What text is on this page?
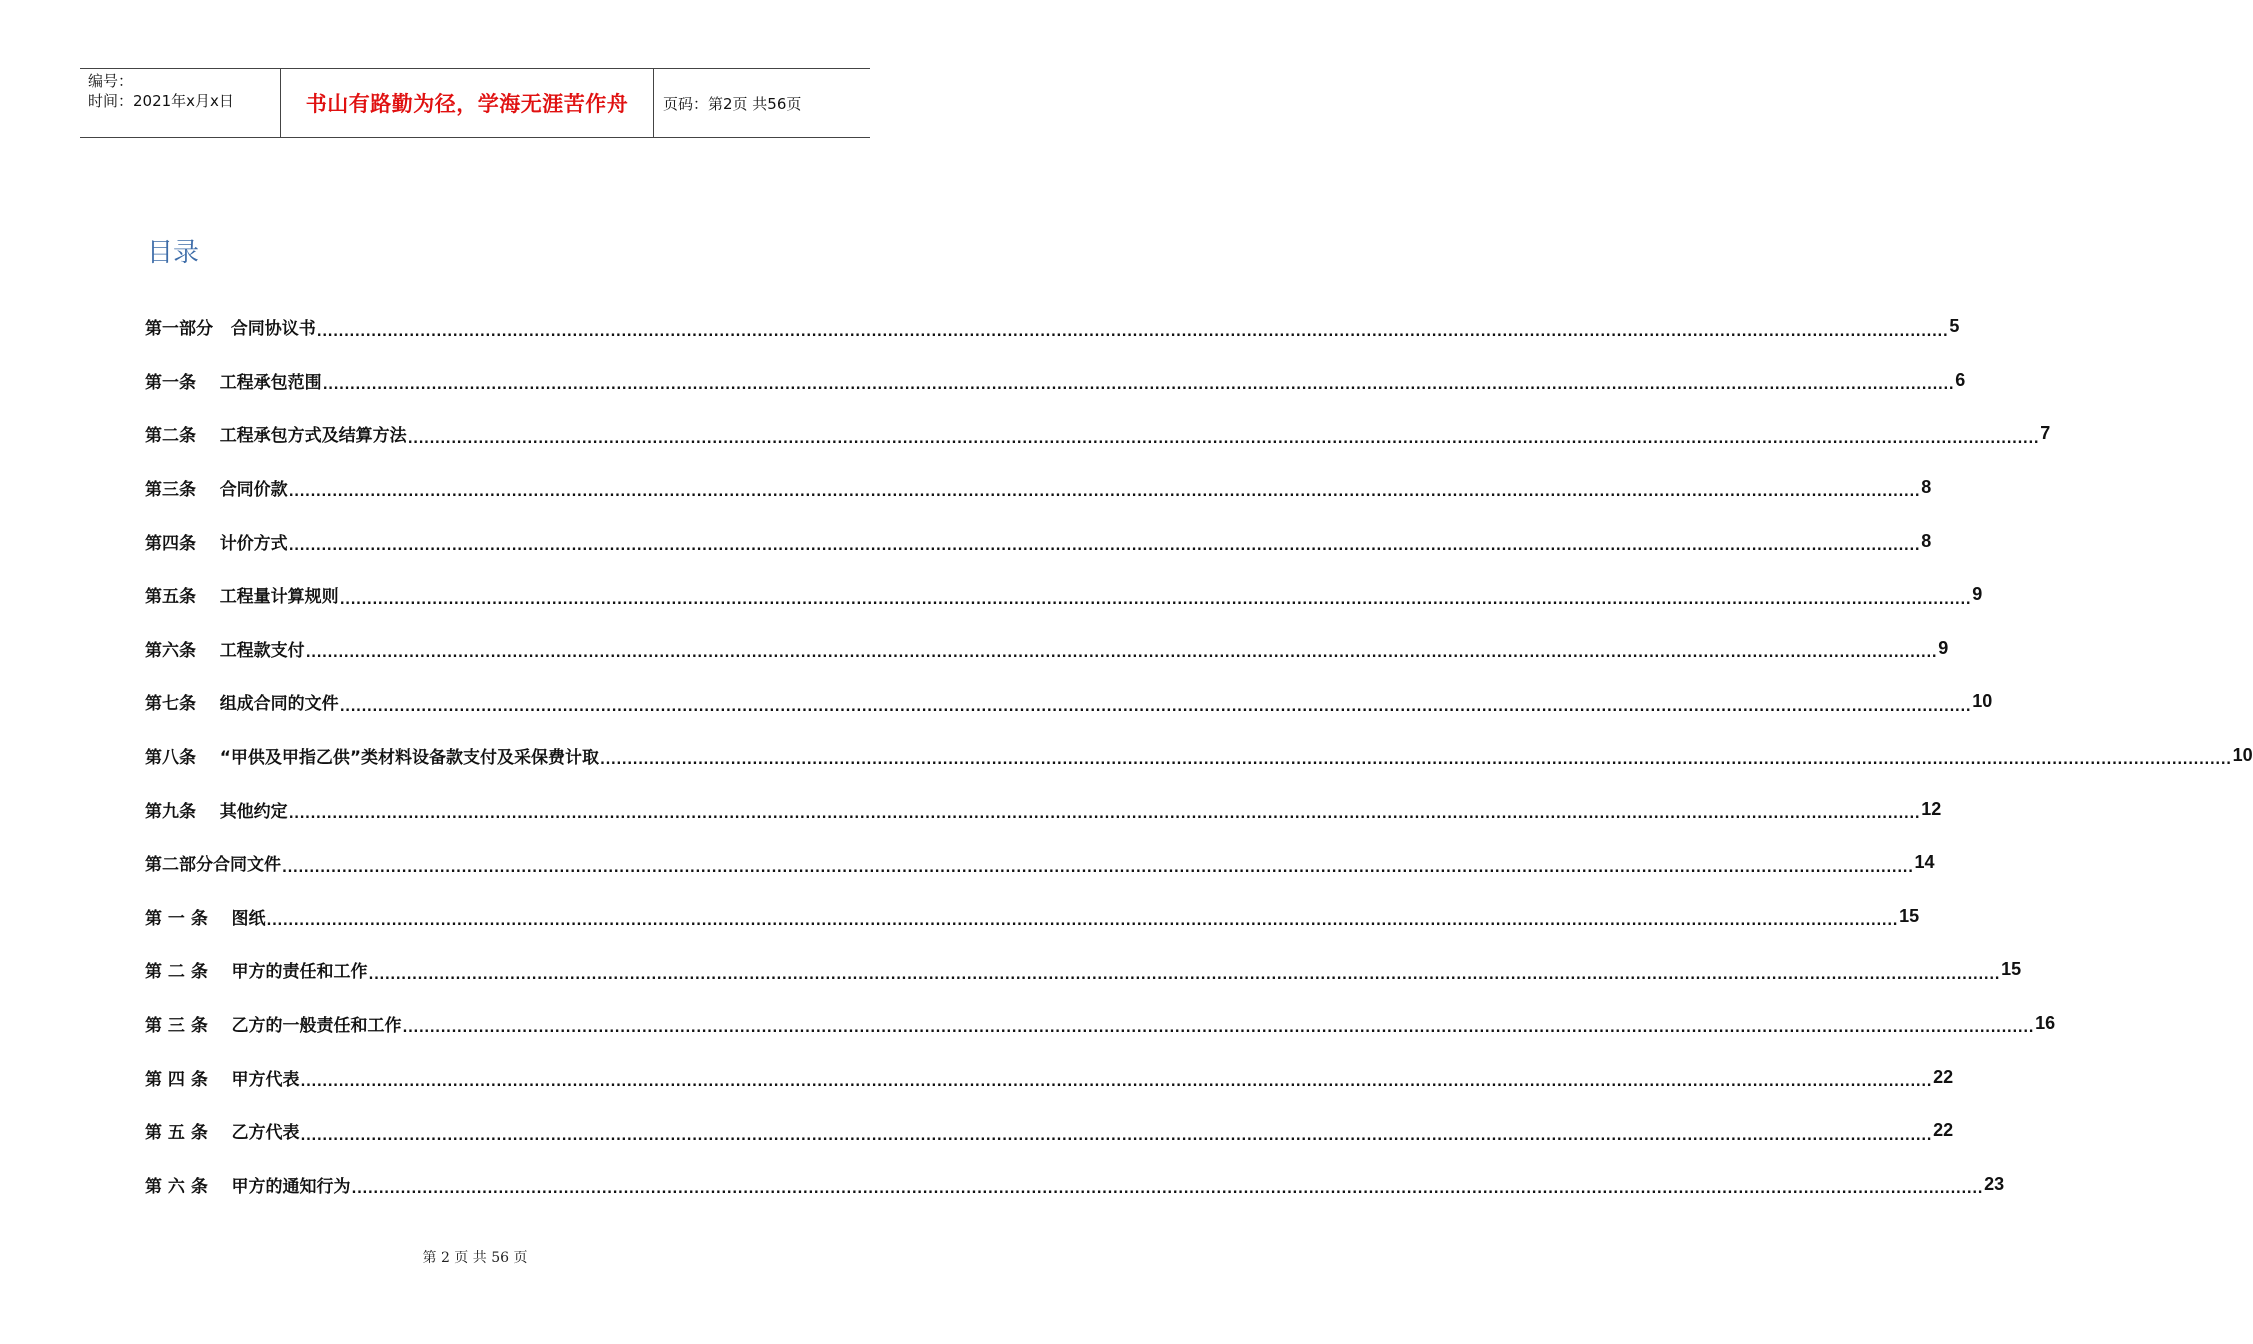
编号：
时间：2021年x月x日	书山有路勤为径，学海无涯苦作舟	页码：第2页 共56页
目录
第一部分 合同协议书 ............................................................................................................................................................................................................................................................................................................ 5
第一条 工程承包范围 ............................................................................................................................................................................................................................................................................................................ 6
第二条 工程承包方式及结算方法 ............................................................................................................................................................................................................................................................................................................ 7
第三条 合同价款 ............................................................................................................................................................................................................................................................................................................ 8
第四条 计价方式 ............................................................................................................................................................................................................................................................................................................ 8
第五条 工程量计算规则 ............................................................................................................................................................................................................................................................................................................ 9
第六条 工程款支付 ............................................................................................................................................................................................................................................................................................................ 9
第七条 组成合同的文件 ............................................................................................................................................................................................................................................................................................................ 10
第八条 “甲供及甲指乙供”类材料设备款支付及采保费计取 ............................................................................................................................................................................................................................................................................................................ 10
第九条 其他约定 ............................................................................................................................................................................................................................................................................................................ 12
第二部分合同文件 ............................................................................................................................................................................................................................................................................................................ 14
第 一 条 图纸 ............................................................................................................................................................................................................................................................................................................ 15
第 二 条 甲方的责任和工作 ............................................................................................................................................................................................................................................................................................................ 15
第 三 条 乙方的一般责任和工作 ............................................................................................................................................................................................................................................................................................................ 16
第 四 条 甲方代表 ............................................................................................................................................................................................................................................................................................................ 22
第 五 条 乙方代表 ............................................................................................................................................................................................................................................................................................................ 22
第 六 条 甲方的通知行为 ............................................................................................................................................................................................................................................................................................................ 23
第 2 页 共 56 页
